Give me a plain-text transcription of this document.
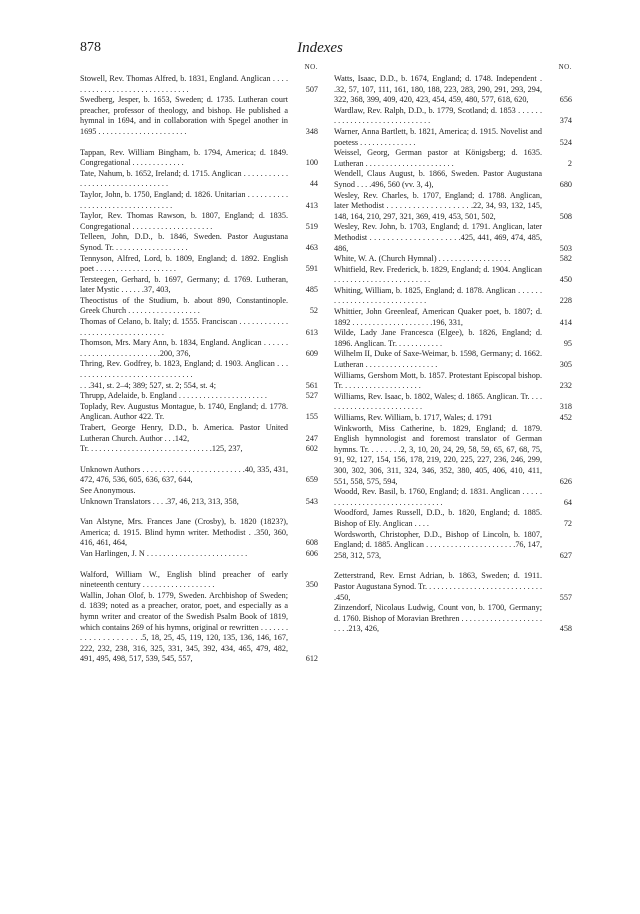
878	Indexes
NO.
Stowell, Rev. Thomas Alfred, b. 1831, England. Anglican . . . . . . . . . . . . . . . . . . . . . . . . . . . . . . .	507
Swedberg, Jesper, b. 1653, Sweden; d. 1735. Lutheran court preacher, professor of theology, and bishop. He published a hymnal in 1694, and in collaboration with Spegel another in 1695 . . . . . . . . . . . . . . . . . . . . . .	348
Tappan, Rev. William Bingham, b. 1794, America; d. 1849. Congregational . . . . . . . . . . . . .	100
Tate, Nahum, b. 1652, Ireland; d. 1715. Anglican . . . . . . . . . . . . . . . . . . . . . . . . . . . . . . . . .	44
Taylor, John, b. 1750, England; d. 1826. Unitarian . . . . . . . . . . . . . . . . . . . . . . . . . . . . . . . . .	413
Taylor, Rev. Thomas Rawson, b. 1807, England; d. 1835. Congregational . . . . . . . . . . . . . . . . . . . .	519
Telleen, John, D.D., b. 1846, Sweden. Pastor Augustana Synod. Tr. . . . . . . . . . . . . . . . . . .	463
Tennyson, Alfred, Lord, b. 1809, England; d. 1892. English poet . . . . . . . . . . . . . . . . . . . .	591
Tersteegen, Gerhard, b. 1697, Germany; d. 1769. Lutheran, later Mystic . . . . . .37, 403,	485
Theoctistus of the Studium, b. about 890, Constantinople. Greek Church . . . . . . . . . . . . . . . . . .	52
Thomas of Celano, b. Italy; d. 1555. Franciscan . . . . . . . . . . . . . . . . . . . . . . . . . . . . . . . . .	613
Thomson, Mrs. Mary Ann, b. 1834, England. Anglican . . . . . . . . . . . . . . . . . . . . . . . . . .200, 376,	609
Thring, Rev. Godfrey, b. 1823, England; d. 1903. Anglican . . . . . . . . . . . . . . . . . . . . . . . . . . . . . . .
. . .341, st. 2–4; 389; 527, st. 2; 554, st. 4;	561
Thrupp, Adelaide, b. England . . . . . . . . . . . . . . . . . . . . . .	527
Toplady, Rev. Augustus Montague, b. 1740, England; d. 1778. Anglican. Author 422. Tr.	155
Trabert, George Henry, D.D., b. America. Pastor United Lutheran Church. Author . . .142,	247
Tr. . . . . . . . . . . . . . . . . . . . . . . . . . . . . . .125, 237,	602
Unknown Authors . . . . . . . . . . . . . . . . . . . . . . . . .40, 335, 431, 472, 476, 536, 605, 636, 637, 644,	659
See Anonymous.
Unknown Translators . . . .37, 46, 213, 313, 358,	543
Van Alstyne, Mrs. Frances Jane (Crosby), b. 1820 (1823?), America; d. 1915. Blind hymn writer. Methodist . .350, 360, 416, 461, 464,	608
Van Harlingen, J. N . . . . . . . . . . . . . . . . . . . . . . . . .	606
Walford, William W., English blind preacher of early nineteenth century . . . . . . . . . . . . . . . . . .	350
Wallin, Johan Olof, b. 1779, Sweden. Archbishop of Sweden; d. 1839; noted as a preacher, orator, poet, and especially as a hymn writer and creator of the Swedish Psalm Book of 1819, which contains 269 of his hymns, original or rewritten . . . . . . . . . . . . . . . . . . . . .5, 18, 25, 45, 119, 120, 135, 136, 146, 167, 222, 232, 238, 316, 325, 331, 345, 392, 434, 465, 479, 482, 491, 495, 498, 517, 539, 545, 557,	612
NO.
Watts, Isaac, D.D., b. 1674, England; d. 1748. Independent . .32, 57, 107, 111, 161, 180, 188, 223, 283, 290, 291, 293, 294, 322, 368, 399, 409, 420, 423, 454, 459, 480, 577, 618, 620,	656
Wardlaw, Rev. Ralph, D.D., b. 1779, Scotland; d. 1853 . . . . . . . . . . . . . . . . . . . . . . . . . . . . . .	374
Warner, Anna Bartlett, b. 1821, America; d. 1915. Novelist and poetess . . . . . . . . . . . . . .	524
Weissel, Georg, German pastor at Königsberg; d. 1635. Lutheran . . . . . . . . . . . . . . . . . . . . . .	2
Wendell, Claus August, b. 1866, Sweden. Pastor Augustana Synod . . . .496, 560 (vv. 3, 4),	680
Wesley, Rev. Charles, b. 1707, England; d. 1788. Anglican, later Methodist . . . . . . . . . . . . . . . . . . . .22, 34, 93, 132, 145, 148, 164, 210, 297, 321, 369, 419, 453, 501, 502,	508
Wesley, Rev. John, b. 1703, England; d. 1791. Anglican, later Methodist . . . . . . . . . . . . . . . . . . . . .425, 441, 469, 474, 485, 486,	503
White, W. A. (Church Hymnal) . . . . . . . . . . . . . . . . . .	582
Whitfield, Rev. Frederick, b. 1829, England; d. 1904. Anglican . . . . . . . . . . . . . . . . . . . . . . . .	450
Whiting, William, b. 1825, England; d. 1878. Anglican . . . . . . . . . . . . . . . . . . . . . . . . . . . . .	228
Whittier, John Greenleaf, American Quaker poet, b. 1807; d. 1892 . . . . . . . . . . . . . . . . . . . .196, 331,	414
Wilde, Lady Jane Francesca (Elgee), b. 1826, England; d. 1896. Anglican. Tr. . . . . . . . . . . .	95
Wilhelm II, Duke of Saxe-Weimar, b. 1598, Germany; d. 1662. Lutheran . . . . . . . . . . . . . . . . . .	305
Williams, Gershom Mott, b. 1857. Protestant Episcopal bishop. Tr. . . . . . . . . . . . . . . . . . . .	232
Williams, Rev. Isaac, b. 1802, Wales; d. 1865. Anglican. Tr. . . . . . . . . . . . . . . . . . . . . . . . . .	318
Williams, Rev. William, b. 1717, Wales; d. 1791	452
Winkworth, Miss Catherine, b. 1829, England; d. 1879. English hymnologist and foremost translator of German hymns. Tr. . . . . . . .2, 3, 10, 20, 24, 29, 58, 59, 65, 67, 68, 75, 91, 92, 127, 154, 156, 178, 219, 220, 225, 227, 236, 246, 299, 300, 302, 306, 311, 324, 346, 352, 380, 405, 406, 410, 411, 551, 558, 575, 594,	626
Woodd, Rev. Basil, b. 1760, England; d. 1831. Anglican . . . . . . . . . . . . . . . . . . . . . . . . . . . . . . . .	64
Woodford, James Russell, D.D., b. 1820, England; d. 1885. Bishop of Ely. Anglican . . . .	72
Wordsworth, Christopher, D.D., Bishop of Lincoln, b. 1807, England; d. 1885. Anglican . . . . . . . . . . . . . . . . . . . . . .76, 147, 258, 312, 573,	627
Zetterstrand, Rev. Ernst Adrian, b. 1863, Sweden; d. 1911. Pastor Augustana Synod. Tr. . . . . . . . . . . . . . . . . . . . . . . . . . . . . .450,	557
Zinzendorf, Nicolaus Ludwig, Count von, b. 1700, Germany; d. 1760. Bishop of Moravian Brethren . . . . . . . . . . . . . . . . . . . . . . . .213, 426,	458
